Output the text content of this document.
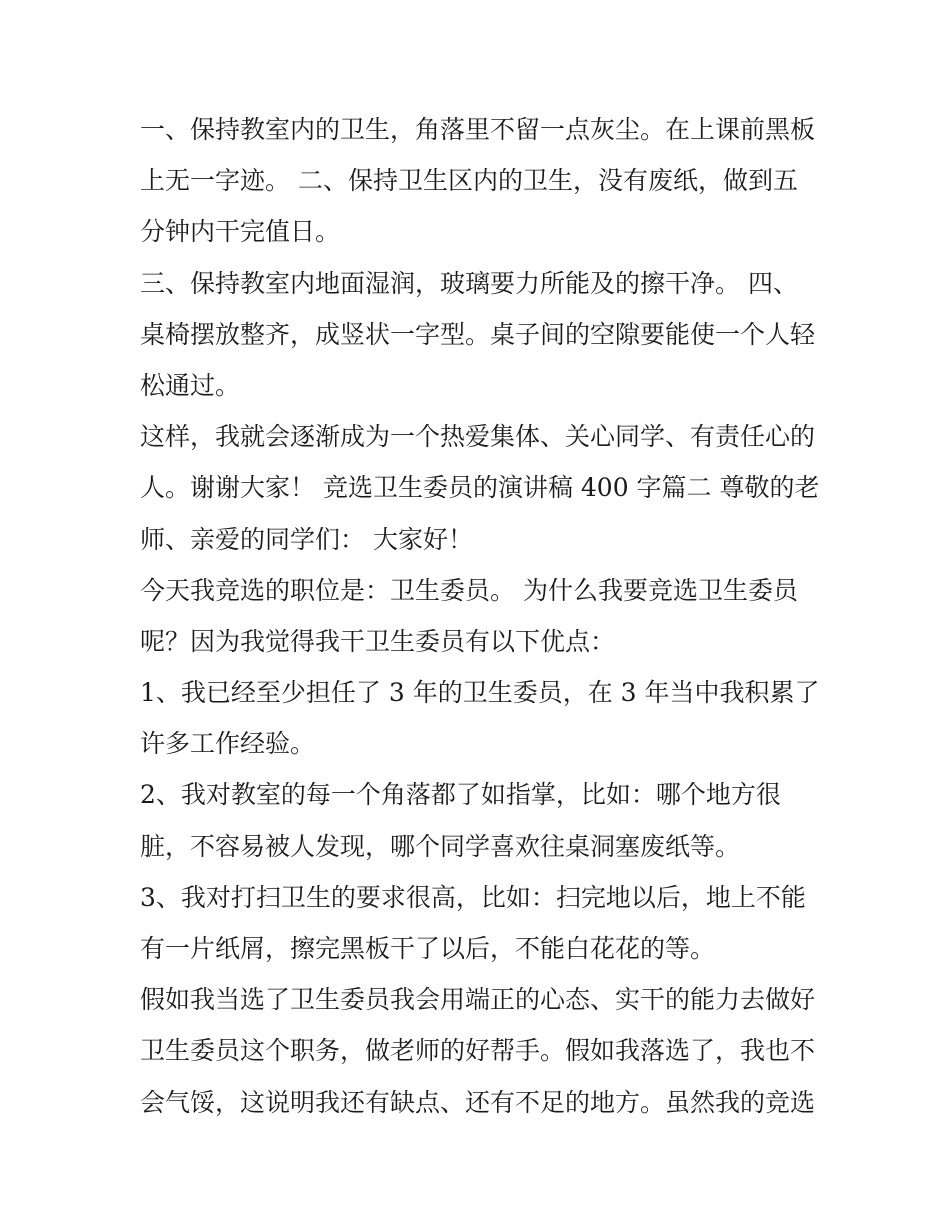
一、保持教室内的卫生，角落里不留一点灰尘。在上课前黑板
上无一字迹。 二、保持卫生区内的卫生，没有废纸，做到五
分钟内干完值日。
三、保持教室内地面湿润，玻璃要力所能及的擦干净。 四、
桌椅摆放整齐，成竖状一字型。桌子间的空隙要能使一个人轻
松通过。
这样，我就会逐渐成为一个热爱集体、关心同学、有责任心的
人。谢谢大家！ 竞选卫生委员的演讲稿 400 字篇二 尊敬的老
师、亲爱的同学们： 大家好！
今天我竞选的职位是：卫生委员。 为什么我要竞选卫生委员
呢？因为我觉得我干卫生委员有以下优点：
1、我已经至少担任了 3 年的卫生委员，在 3 年当中我积累了
许多工作经验。
2、我对教室的每一个角落都了如指掌，比如：哪个地方很
脏，不容易被人发现，哪个同学喜欢往桌洞塞废纸等。
3、我对打扫卫生的要求很高，比如：扫完地以后，地上不能
有一片纸屑，擦完黑板干了以后，不能白花花的等。
假如我当选了卫生委员我会用端正的心态、实干的能力去做好
卫生委员这个职务，做老师的好帮手。假如我落选了，我也不
会气馁，这说明我还有缺点、还有不足的地方。虽然我的竞选
